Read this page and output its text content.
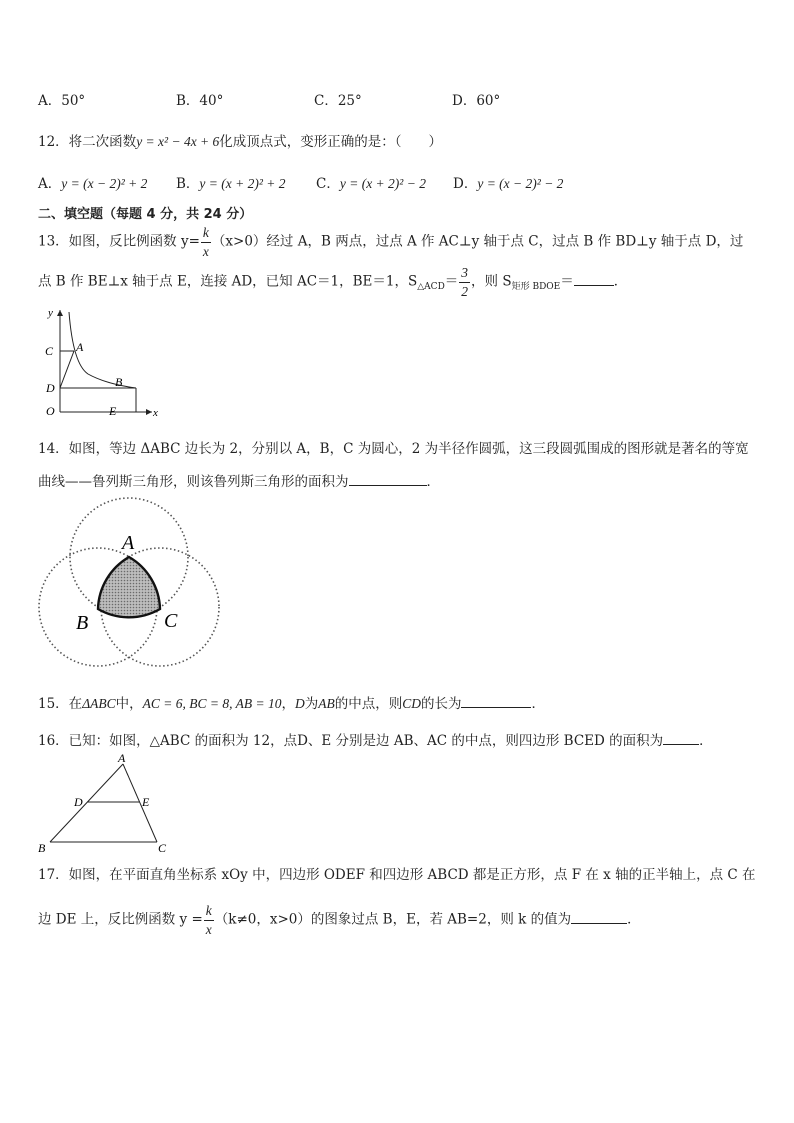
A．50°	B．40°	C．25°	D．60°
12．将二次函数y = x² − 4x + 6化成顶点式，变形正确的是：（　　）
A．y = (x − 2)² + 2 B．y = (x + 2)² + 2 C．y = (x + 2)² − 2 D．y = (x − 2)² − 2
二、填空题（每题 4 分，共 24 分）
13．如图，反比例函数 $y= \frac{k}{x} (x>0)$经过 A，B 两点，过点 A 作 AC⊥y 轴于点 C，过点 B 作 BD⊥y 轴于点 D，过
点 B 作 BE⊥x 轴于点 E，连接 AD，已知 AC＝1，BE＝1，$S_{\triangle ACD}= \frac{3}{2}$ ，则 $S_{矩形 BDOE}=$	．
y
x
C A
D	B
O	E
14．如图，等边 ΔABC 边长为 2，分别以 A，B，C 为圆心，2 为半径作圆弧，这三段圆弧围成的图形就是著名的等宽
曲线——鲁列斯三角形，则该鲁列斯三角形的面积为	．
A
B	C
15．在ΔABC中，AC = 6, BC = 8, AB = 10，D为AB的中点，则CD的长为	．
16．已知：如图，△ABC 的面积为 12，点D、E 分别是边 AB、AC 的中点，则四边形 BCED 的面积为	．
A
D	E
B	C
17．如图，在平面直角坐标系 xOy 中，四边形 ODEF 和四边形 ABCD 都是正方形，点 F 在 x 轴的正半轴上，点 C 在
边 DE 上，反比例函数 $y = \frac{k}{x} (k\ne 0$，x>0）的图象过点 B，E，若 AB=2，则 k 的值为	．
